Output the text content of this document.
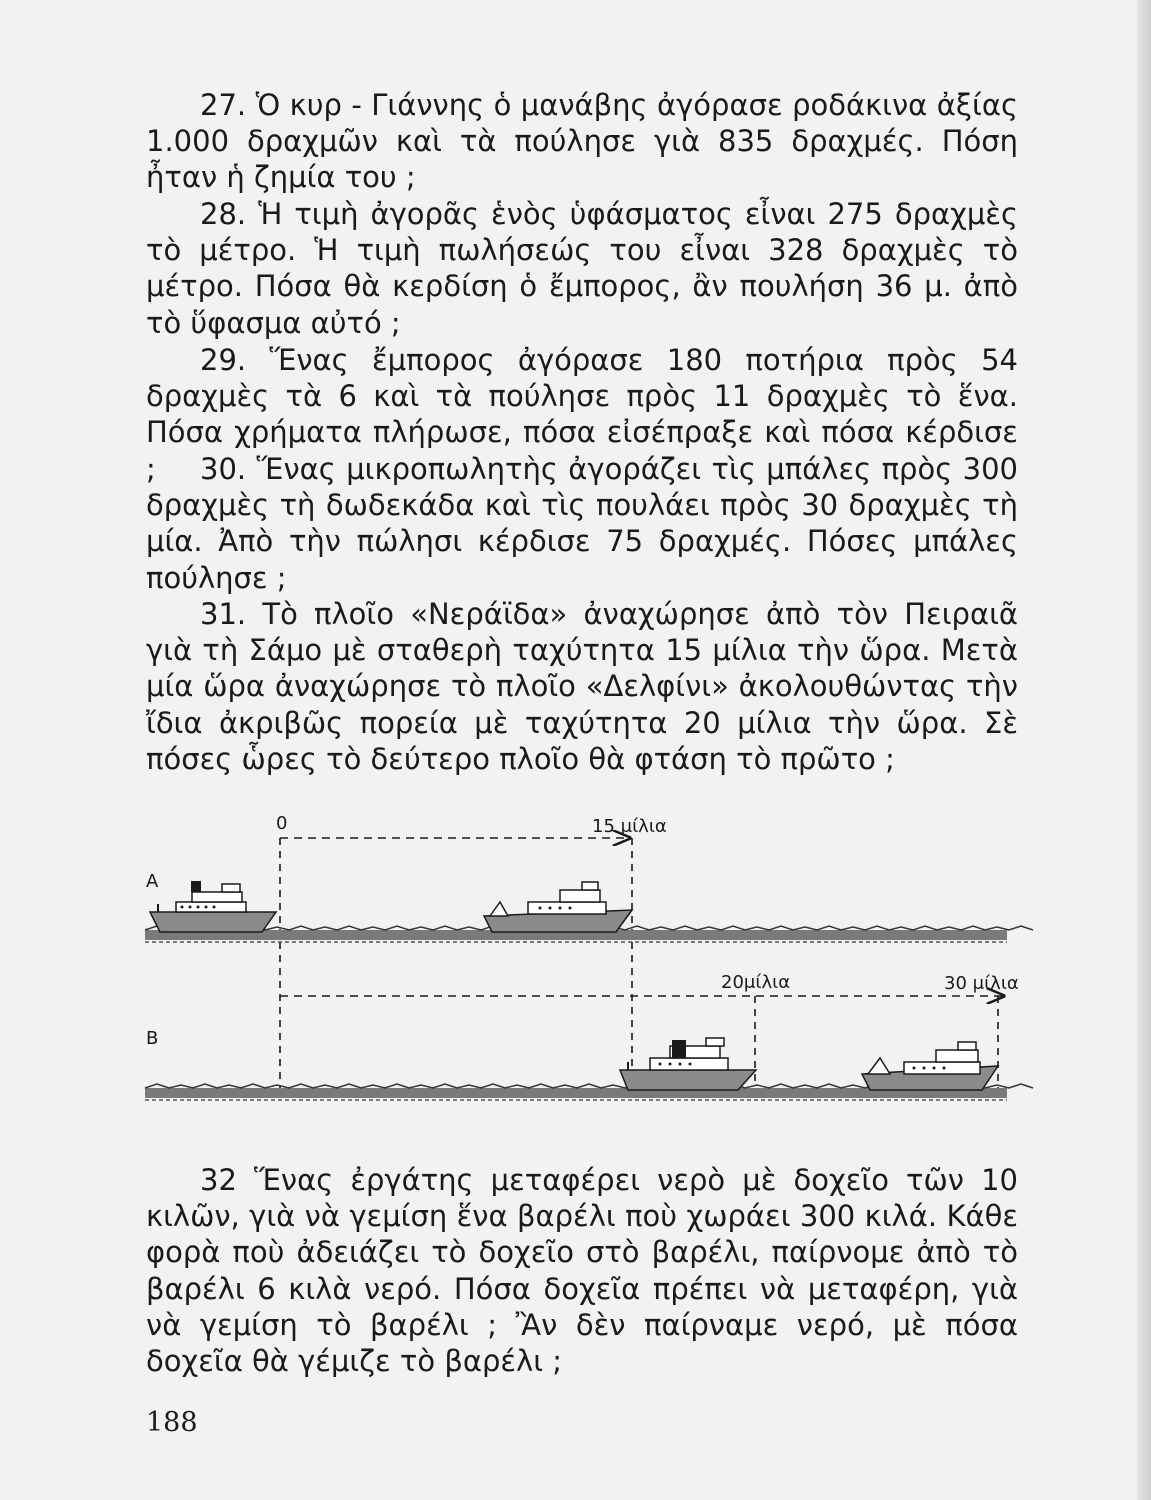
27. Ὁ κυρ - Γιάννης ὁ μανάβης ἀγόρασε ροδάκινα ἀξίας 1.000 δραχμῶν καὶ τὰ πούλησε γιὰ 835 δραχμές. Πόση ἦταν ἡ ζημία του ;

28. Ἡ τιμὴ ἀγορᾶς ἑνὸς ὑφάσματος εἶναι 275 δραχμὲς τὸ μέτρο. Ἡ τιμὴ πωλήσεώς του εἶναι 328 δραχμὲς τὸ μέτρο. Πόσα θὰ κερδίση ὁ ἔμπορος, ἂν πουλήση 36 μ. ἀπὸ τὸ ὕφασμα αὐτό ;

29. Ἕνας ἔμπορος ἀγόρασε 180 ποτήρια πρὸς 54 δραχμὲς τὰ 6 καὶ τὰ πούλησε πρὸς 11 δραχμὲς τὸ ἕνα. Πόσα χρήματα πλήρωσε, πόσα εἰσέπραξε καὶ πόσα κέρδισε ;	30. Ἕνας μικροπωλητὴς ἀγοράζει τὶς μπάλες πρὸς 300 δραχμὲς τὴ δωδεκάδα καὶ τὶς πουλάει πρὸς 30 δραχμὲς τὴ μία. Ἀπὸ τὴν πώλησι κέρδισε 75 δραχμές. Πόσες μπάλες πούλησε ;

31. Τὸ πλοῖο «Νεράϊδα» ἀναχώρησε ἀπὸ τὸν Πειραιᾶ γιὰ τὴ Σάμο μὲ σταθερὴ ταχύτητα 15 μίλια τὴν ὥρα. Μετὰ μία ὥρα ἀναχώρησε τὸ πλοῖο «Δελφίνι» ἀκολουθώντας τὴν ἴδια ἀκριβῶς πορεία μὲ ταχύτητα 20 μίλια τὴν ὥρα. Σὲ πόσες ὧρες τὸ δεύτερο πλοῖο θὰ φτάση τὸ πρῶτο ;

0	15 μίλια
A
B
20μίλια	30 μίλια

32 Ἕνας ἐργάτης μεταφέρει νερὸ μὲ δοχεῖο τῶν 10 κιλῶν, γιὰ νὰ γεμίση ἕνα βαρέλι ποὺ χωράει 300 κιλά. Κάθε φορὰ ποὺ ἀδειάζει τὸ δοχεῖο στὸ βαρέλι, παίρνομε ἀπὸ τὸ βαρέλι 6 κιλὰ νερό. Πόσα δοχεῖα πρέπει νὰ μεταφέρη, γιὰ νὰ γεμίση τὸ βαρέλι ; Ἂν δὲν παίρναμε νερό, μὲ πόσα δοχεῖα θὰ γέμιζε τὸ βαρέλι ;

188
